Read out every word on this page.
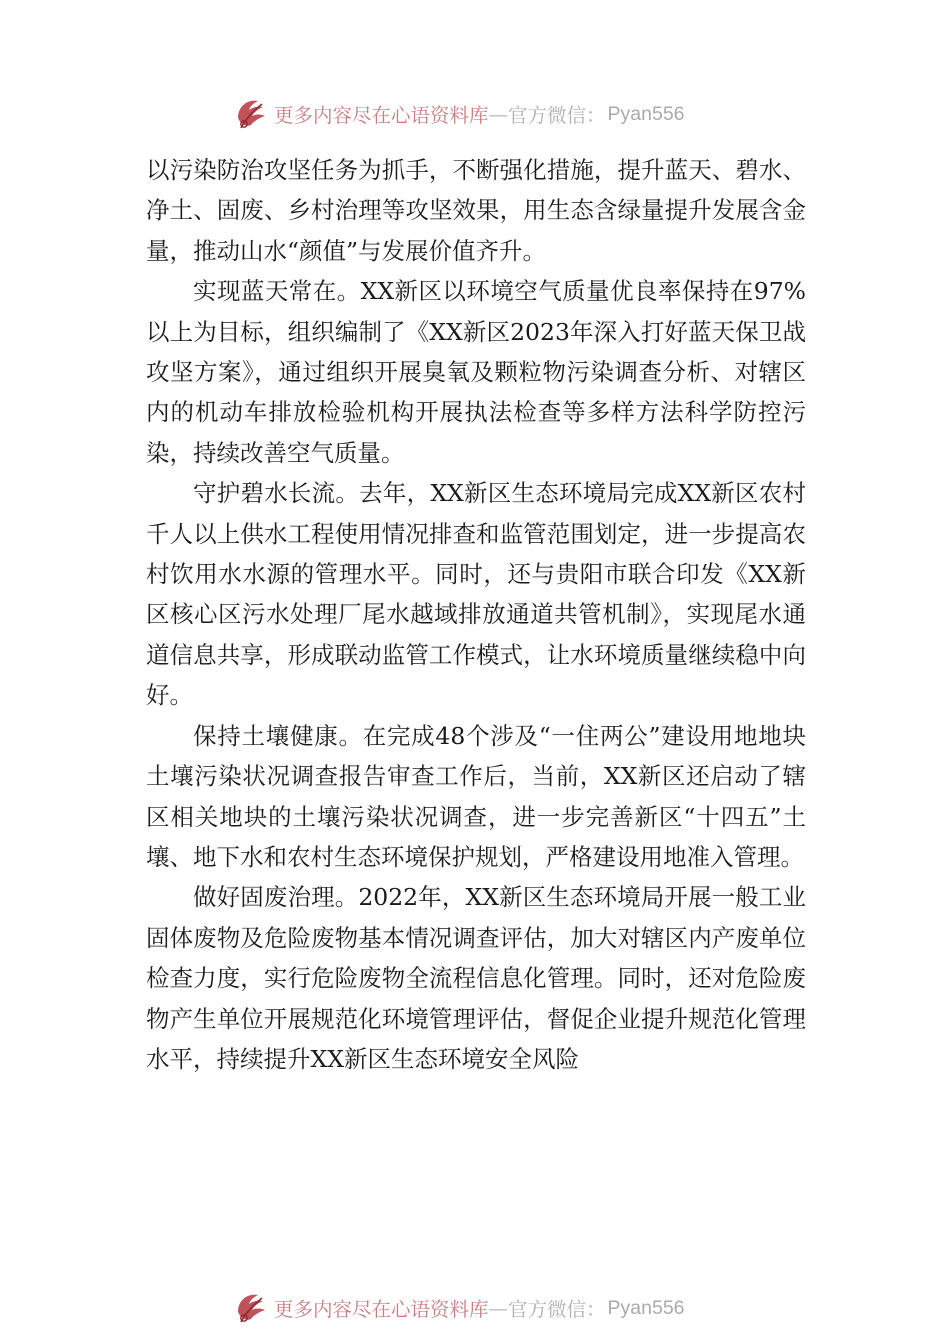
更多内容尽在心语资料库 — 官方微信： Pyan556

以污染防治攻坚任务为抓手，不断强化措施，提升蓝天、碧水、净土、固废、乡村治理等攻坚效果，用生态含绿量提升发展含金量，推动山水“颜值”与发展价值齐升。

实现蓝天常在。XX新区以环境空气质量优良率保持在97%以上为目标，组织编制了《XX新区2023年深入打好蓝天保卫战攻坚方案》，通过组织开展臭氧及颗粒物污染调查分析、对辖区内的机动车排放检验机构开展执法检查等多样方法科学防控污染，持续改善空气质量。

守护碧水长流。去年，XX新区生态环境局完成XX新区农村千人以上供水工程使用情况排查和监管范围划定，进一步提高农村饮用水水源的管理水平。同时，还与贵阳市联合印发《XX新区核心区污水处理厂尾水越域排放通道共管机制》，实现尾水通道信息共享，形成联动监管工作模式，让水环境质量继续稳中向好。

保持土壤健康。在完成48个涉及“一住两公”建设用地地块土壤污染状况调查报告审查工作后，当前，XX新区还启动了辖区相关地块的土壤污染状况调查，进一步完善新区“十四五”土壤、地下水和农村生态环境保护规划，严格建设用地准入管理。

做好固废治理。2022年，XX新区生态环境局开展一般工业固体废物及危险废物基本情况调查评估，加大对辖区内产废单位检查力度，实行危险废物全流程信息化管理。同时，还对危险废物产生单位开展规范化环境管理评估，督促企业提升规范化管理水平，持续提升XX新区生态环境安全风险

更多内容尽在心语资料库 — 官方微信： Pyan556
